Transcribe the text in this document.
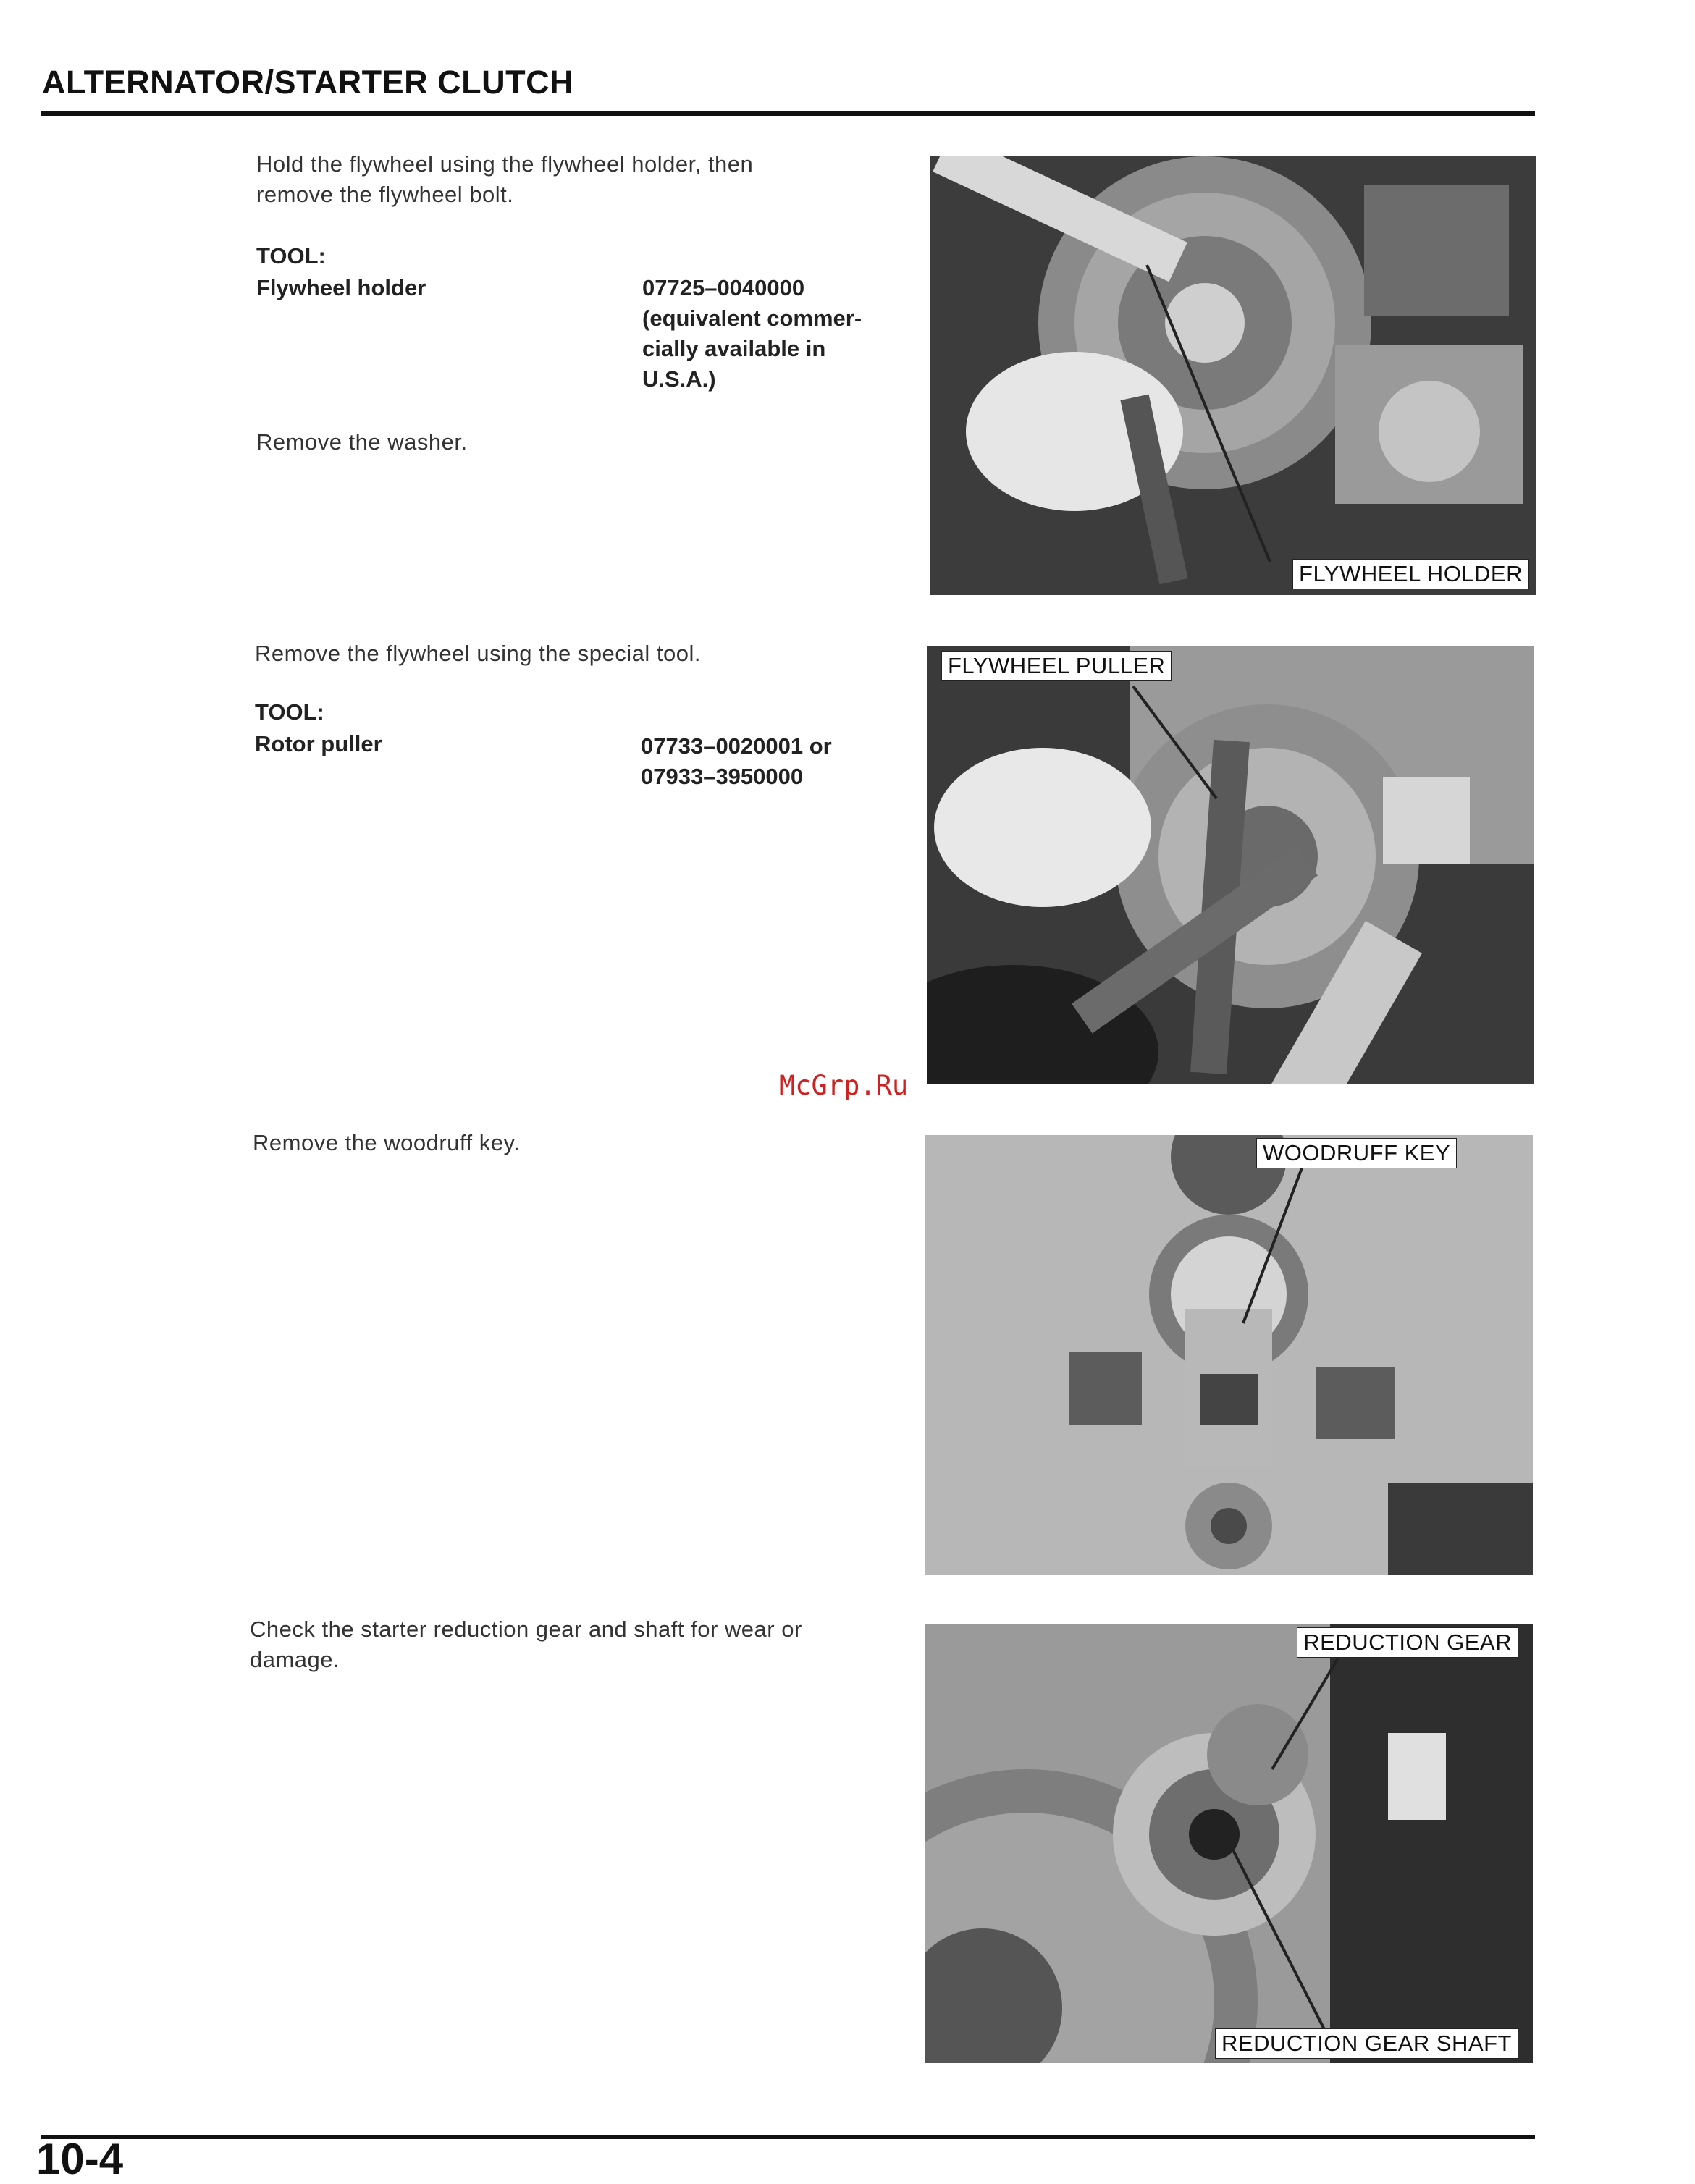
ALTERNATOR/STARTER CLUTCH
Hold the flywheel using the flywheel holder, then
remove the flywheel bolt.
TOOL:
Flywheel holder	07725–0040000
(equivalent commer-
cially available in
U.S.A.)
Remove the washer.
FLYWHEEL HOLDER
Remove the flywheel using the special tool.
TOOL:
Rotor puller	07733–0020001 or
07933–3950000
FLYWHEEL PULLER
Remove the woodruff key.	WOODRUFF KEY
Check the starter reduction gear and shaft for wear or
damage.
REDUCTION GEAR
REDUCTION GEAR SHAFT
McGrp.Ru
10-4
